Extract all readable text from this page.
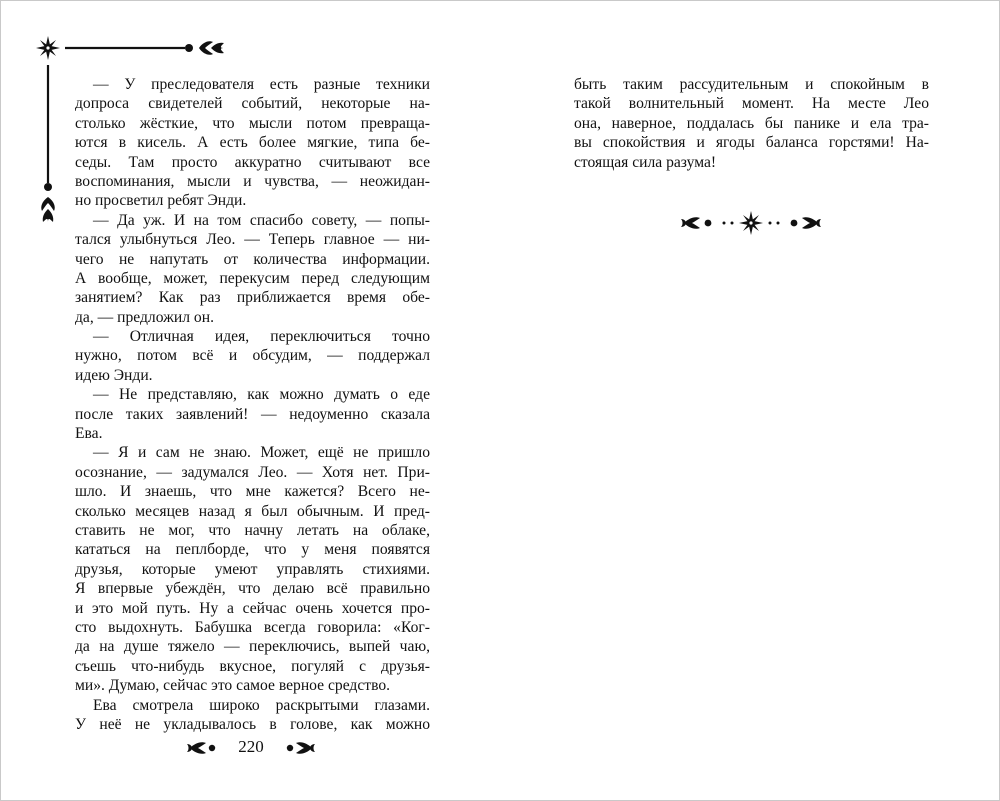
— У преследователя есть разные техники
допроса свидетелей событий, некоторые на-
столько жёсткие, что мысли потом превраща-
ются в кисель. А есть более мягкие, типа бе-
седы. Там просто аккуратно считывают все
воспоминания, мысли и чувства, — неожидан-
но просветил ребят Энди.
— Да уж. И на том спасибо совету, — попы-
тался улыбнуться Лео. — Теперь главное — ни-
чего не напутать от количества информации.
А вообще, может, перекусим перед следующим
занятием? Как раз приближается время обе-
да, — предложил он.
— Отличная идея, переключиться точно
нужно, потом всё и обсудим, — поддержал
идею Энди.
— Не представляю, как можно думать о еде
после таких заявлений! — недоуменно сказала
Ева.
— Я и сам не знаю. Может, ещё не пришло
осознание, — задумался Лео. — Хотя нет. При-
шло. И знаешь, что мне кажется? Всего не-
сколько месяцев назад я был обычным. И пред-
ставить не мог, что начну летать на облаке,
кататься на пеплборде, что у меня появятся
друзья, которые умеют управлять стихиями.
Я впервые убеждён, что делаю всё правильно
и это мой путь. Ну а сейчас очень хочется про-
сто выдохнуть. Бабушка всегда говорила: «Ког-
да на душе тяжело — переключись, выпей чаю,
съешь что-нибудь вкусное, погуляй с друзья-
ми». Думаю, сейчас это самое верное средство.
Ева смотрела широко раскрытыми глазами.
У неё не укладывалось в голове, как можно
220
быть таким рассудительным и спокойным в
такой волнительный момент. На месте Лео
она, наверное, поддалась бы панике и ела тра-
вы спокойствия и ягоды баланса горстями! На-
стоящая сила разума!
